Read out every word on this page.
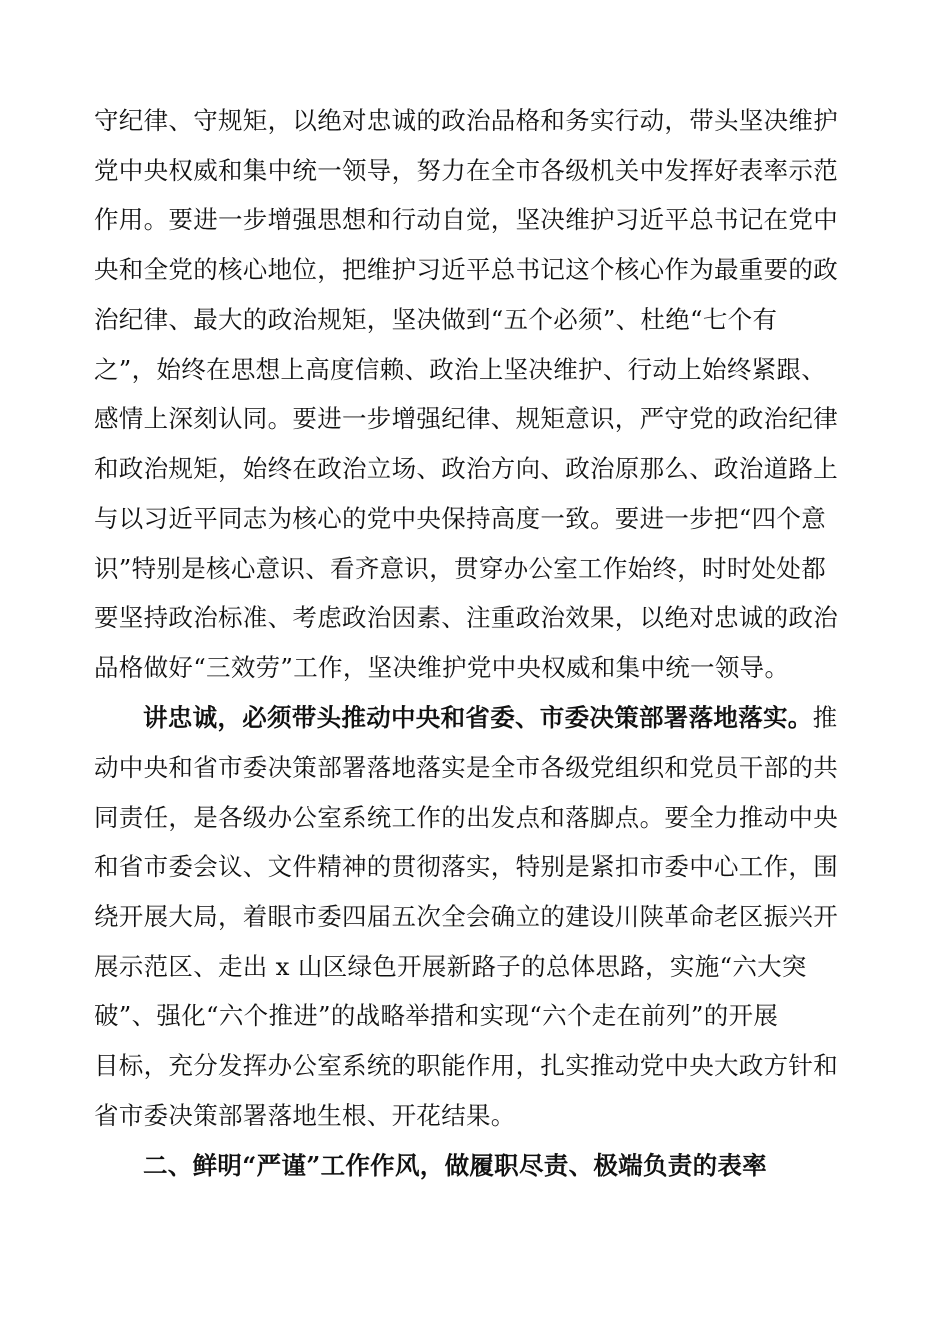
守纪律、守规矩，以绝对忠诚的政治品格和务实行动，带头坚决维护
党中央权威和集中统一领导，努力在全市各级机关中发挥好表率示范
作用。要进一步增强思想和行动自觉，坚决维护习近平总书记在党中
央和全党的核心地位，把维护习近平总书记这个核心作为最重要的政
治纪律、最大的政治规矩，坚决做到“五个必须”、杜绝“七个有
之”，始终在思想上高度信赖、政治上坚决维护、行动上始终紧跟、
感情上深刻认同。要进一步增强纪律、规矩意识，严守党的政治纪律
和政治规矩，始终在政治立场、政治方向、政治原那么、政治道路上
与以习近平同志为核心的党中央保持高度一致。要进一步把“四个意
识”特别是核心意识、看齐意识，贯穿办公室工作始终，时时处处都
要坚持政治标准、考虑政治因素、注重政治效果，以绝对忠诚的政治
品格做好“三效劳”工作，坚决维护党中央权威和集中统一领导。
讲忠诚，必须带头推动中央和省委、市委决策部署落地落实。推
动中央和省市委决策部署落地落实是全市各级党组织和党员干部的共
同责任，是各级办公室系统工作的出发点和落脚点。要全力推动中央
和省市委会议、文件精神的贯彻落实，特别是紧扣市委中心工作，围
绕开展大局，着眼市委四届五次全会确立的建设川陕革命老区振兴开
展示范区、走出 x 山区绿色开展新路子的总体思路，实施“六大突
破”、强化“六个推进”的战略举措和实现“六个走在前列”的开展
目标，充分发挥办公室系统的职能作用，扎实推动党中央大政方针和
省市委决策部署落地生根、开花结果。
二、鲜明“严谨”工作作风，做履职尽责、极端负责的表率
